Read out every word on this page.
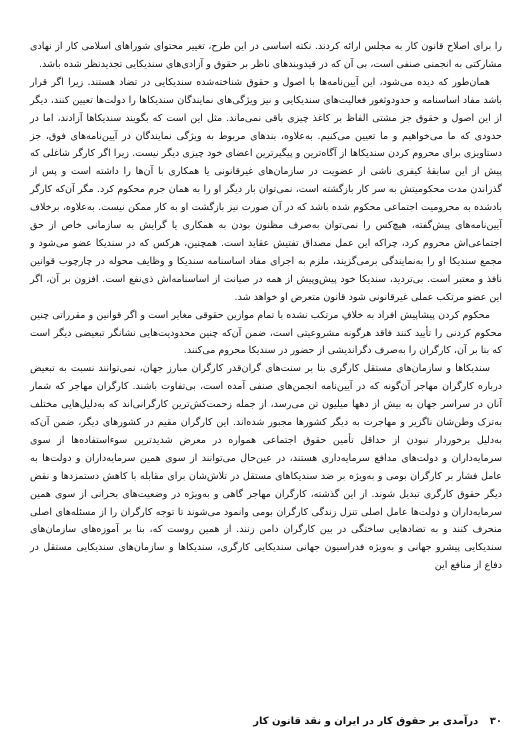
را برای اصلاح قانون کار به مجلس ارائه کردند. نکته اساسی در این طرح، تغییر محتوای شوراهای اسلامی کار از نهادی مشارکتی به انجمنی صنفی است، بی آن که در قیدوبندهای ناظر بر حقوق و آزادی‌های سندیکایی تجدیدنظر شده باشد.

همان‌طور که دیده می‌شود، این آیین‌نامه‌ها با اصول و حقوق شناخته‌شده سندیکایی در تضاد هستند. زیرا اگر قرار باشد مفاد اساسنامه و حدودوثغور فعالیت‌های سندیکایی و نیز ویژگی‌های نمایندگان سندیکاها را دولت‌ها تعیین کنند، دیگر از این اصول و حقوق جز مشتی الفاظ بر کاغذ چیزی باقی نمی‌ماند. مثل این است که بگویند سندیکاها آزادند، اما در حدودی که ما می‌خواهیم و ما تعیین می‌کنیم. به‌علاوه، بندهای مربوط به ویژگی نمایندگان در آیین‌نامه‌های فوق، جز دستاویزی برای محروم کردن سندیکاها از آگاه‌ترین و پیگیرترین اعضای خود چیزی دیگر نیست. زیرا اگر کارگر شاغلی که پیش از این سابقهٔ کیفری ناشی از عضویت در سازمان‌های غیرقانونی یا همکاری با آن‌ها را داشته است و پس از گذراندن مدت محکومیتش به سر کار بازگشته است، نمی‌توان بار دیگر او را به همان جرم محکوم کرد. مگر آن‌که کارگر بادشده به محرومیت اجتماعی محکوم شده باشد که در آن صورت نیز بازگشت او به کار ممکن نیست. به‌علاوه، برخلاف آیین‌نامه‌های پیش‌گفته، هیچ‌کس را نمی‌توان به‌صرف مظنون بودن به همکاری یا گرایش به سازمانی خاص از حق اجتماعی‌اش محروم کرد، چراکه این عمل مصداق تفتیش عقاید است. همچنین، هرکس که در سندیکا عضو می‌شود و مجمع سندیکا او را به‌نمایندگی برمی‌گزیند، ملزم به اجرای مفاد اساسنامه سندیکا و وظایف محوله در چارچوب قوانین نافذ و معتبر است. بی‌تردید، سندیکا خود پیش‌وپیش از همه در صیانت از اساسنامه‌اش ذی‌نفع است. افزون بر آن، اگر این عضو مرتکب عملی غیرقانونی شود قانون متعرض او خواهد شد.

محکوم کردن پیشاپیش افراد به خلافِ مرتکب نشده با تمام موازین حقوقی مغایر است و اگر قوانین و مقرراتی چنین محکوم کردنی را تأیید کنند فاقد هرگونه مشروعیتی است، ضمن آن‌که چنین محدودیت‌هایی نشانگر تبعیضی دیگر است که بنا بر آن، کارگران را به‌صرف دگراندیشی از حضور در سندیکا محروم می‌کنند.

سندیکاها و سازمان‌های مستقل کارگری بنا بر سنت‌های گران‌قدر کارگران مبارز جهان، نمی‌توانند نسبت به تبعیض درباره کارگران مهاجر آن‌گونه که در آیین‌نامه انجمن‌های صنفی آمده است، بی‌تفاوت باشند. کارگران مهاجر که شمار آنان در سراسر جهان به بیش از دهها میلیون تن می‌رسد، از جمله زحمت‌کش‌ترین کارگرانی‌اند که به‌دلیل‌هایی مختلف به‌ترک وطن‌شان ناگزیر و مهاجرت به دیگر کشورها مجبور شده‌اند. این کارگران مقیم در کشورهای دیگر، ضمن آن‌که به‌دلیل برخوردار نبودن از حداقل تأمین حقوق اجتماعی همواره در معرض شدیدترین سوءاستفاده‌ها از سوی سرمایه‌داران و دولت‌های مدافع سرمایه‌داری هستند، در عین‌حال می‌توانند از سوی همین سرمایه‌داران و دولت‌ها به عامل فشار بر کارگران بومی و به‌ویژه بر ضد سندیکاهای مستقل در تلاش‌شان برای مقابله با کاهش دستمزدها و نقض دیگر حقوق کارگری تبدیل شوند. از این گذشته، کارگران مهاجر گاهی و به‌ویژه در وضعیت‌های بحرانی از سوی همین سرمایه‌داران و دولت‌ها عامل اصلی تنزل زندگی کارگران بومی وانمود می‌شوند تا توجه کارگران را از مسئله‌های اصلی منحرف کنند و به تضادهایی ساختگی در بین کارگران دامن زنند. از همین روست که، بنا بر آموزه‌های سازمان‌های سندیکایی پیشرو جهانی و به‌ویژه فدراسیون جهانی سندیکایی کارگری، سندیکاها و سازمان‌های سندیکایی مستقل در دفاع از منافع این

۳۰ درآمدی بر حقوق کار در ایران و نقد قانون کار
